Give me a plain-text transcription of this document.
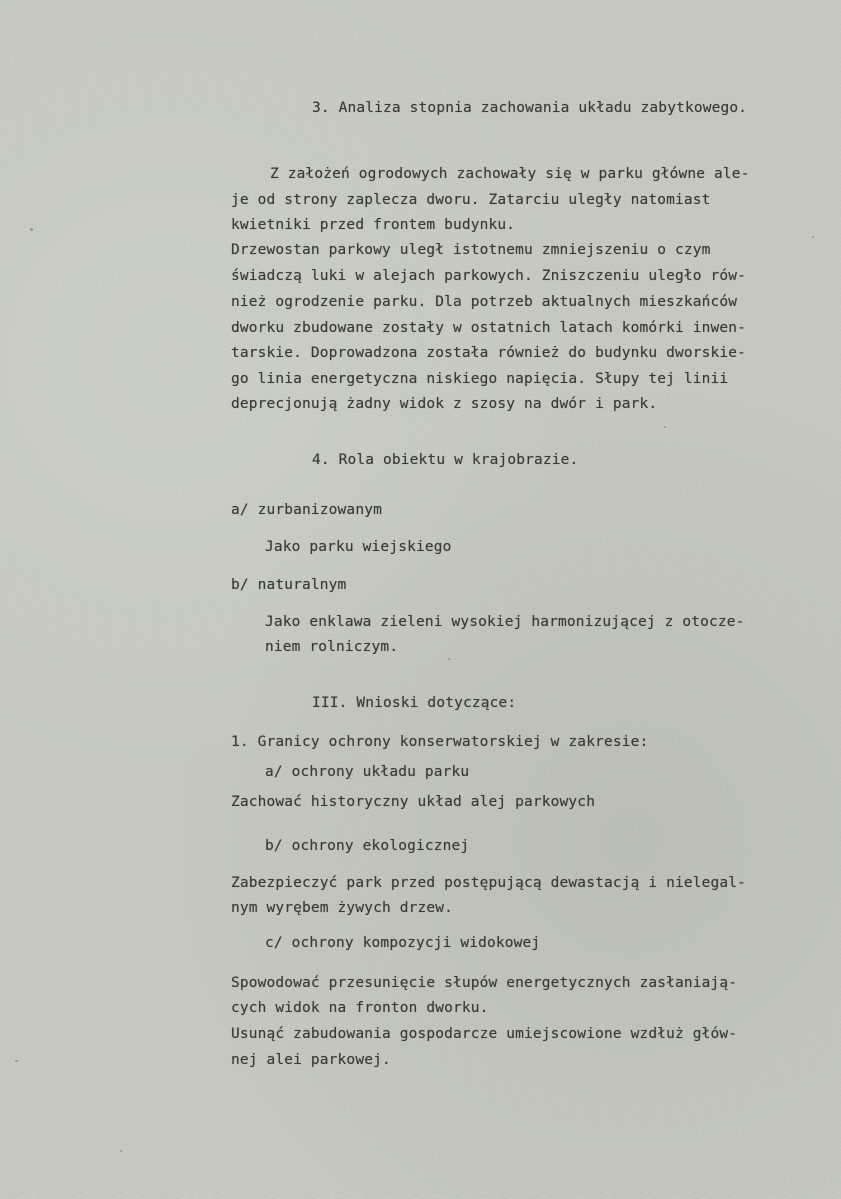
3. Analiza stopnia zachowania układu zabytkowego.

Z założeń ogrodowych zachowały się w parku główne ale-

je od strony zaplecza dworu. Zatarciu uległy natomiast

kwietniki przed frontem budynku.

Drzewostan parkowy uległ istotnemu zmniejszeniu o czym

świadczą luki w alejach parkowych. Zniszczeniu uległo rów-

nież ogrodzenie parku. Dla potrzeb aktualnych mieszkańców

dworku zbudowane zostały w ostatnich latach komórki inwen-

tarskie. Doprowadzona została również do budynku dworskie-

go linia energetyczna niskiego napięcia. Słupy tej linii

deprecjonują żadny widok z szosy na dwór i park.

4. Rola obiektu w krajobrazie.

a/ zurbanizowanym

Jako parku wiejskiego

b/ naturalnym

Jako enklawa zieleni wysokiej harmonizującej z otocze-

niem rolniczym.

III. Wnioski dotyczące:

1. Granicy ochrony konserwatorskiej w zakresie:

a/ ochrony układu parku

Zachować historyczny układ alej parkowych

b/ ochrony ekologicznej

Zabezpieczyć park przed postępującą dewastacją i nielegal-

nym wyrębem żywych drzew.

c/ ochrony kompozycji widokowej

Spowodować przesunięcie słupów energetycznych zasłaniają-

cych widok na fronton dworku.

Usunąć zabudowania gospodarcze umiejscowione wzdłuż głów-

nej alei parkowej.
